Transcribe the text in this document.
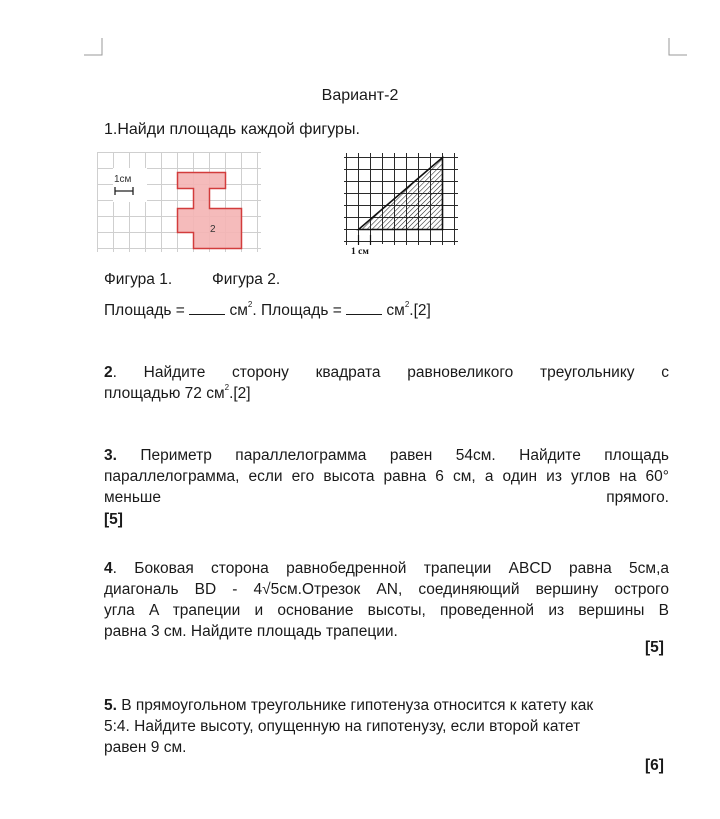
Вариант-2
1.Найди площадь каждой фигуры.
1см
2
1 см
Фигура 1.	Фигура 2.
Площадь =	$см^2$. Площадь =	$см^2.[2]$
2. Найдите сторону квадрата равновеликого треугольнику с
площадью 72 $см^2.[2]$
3. Периметр параллелограмма равен 54см. Найдите площадь
параллелограмма, если его высота равна 6 см, а один из углов на 60°
меньше прямого.
[5]
4. Боковая сторона равнобедренной трапеции ABCD равна 5см,а
диагональ BD - 4√5см.Отрезок AN, соединяющий вершину острого
угла A трапеции и основание высоты, проведенной из вершины B
равна 3 см. Найдите площадь трапеции.
[5]
5. В прямоугольном треугольнике гипотенуза относится к катету как
5:4. Найдите высоту, опущенную на гипотенузу, если второй катет
равен 9 см.
[6]
